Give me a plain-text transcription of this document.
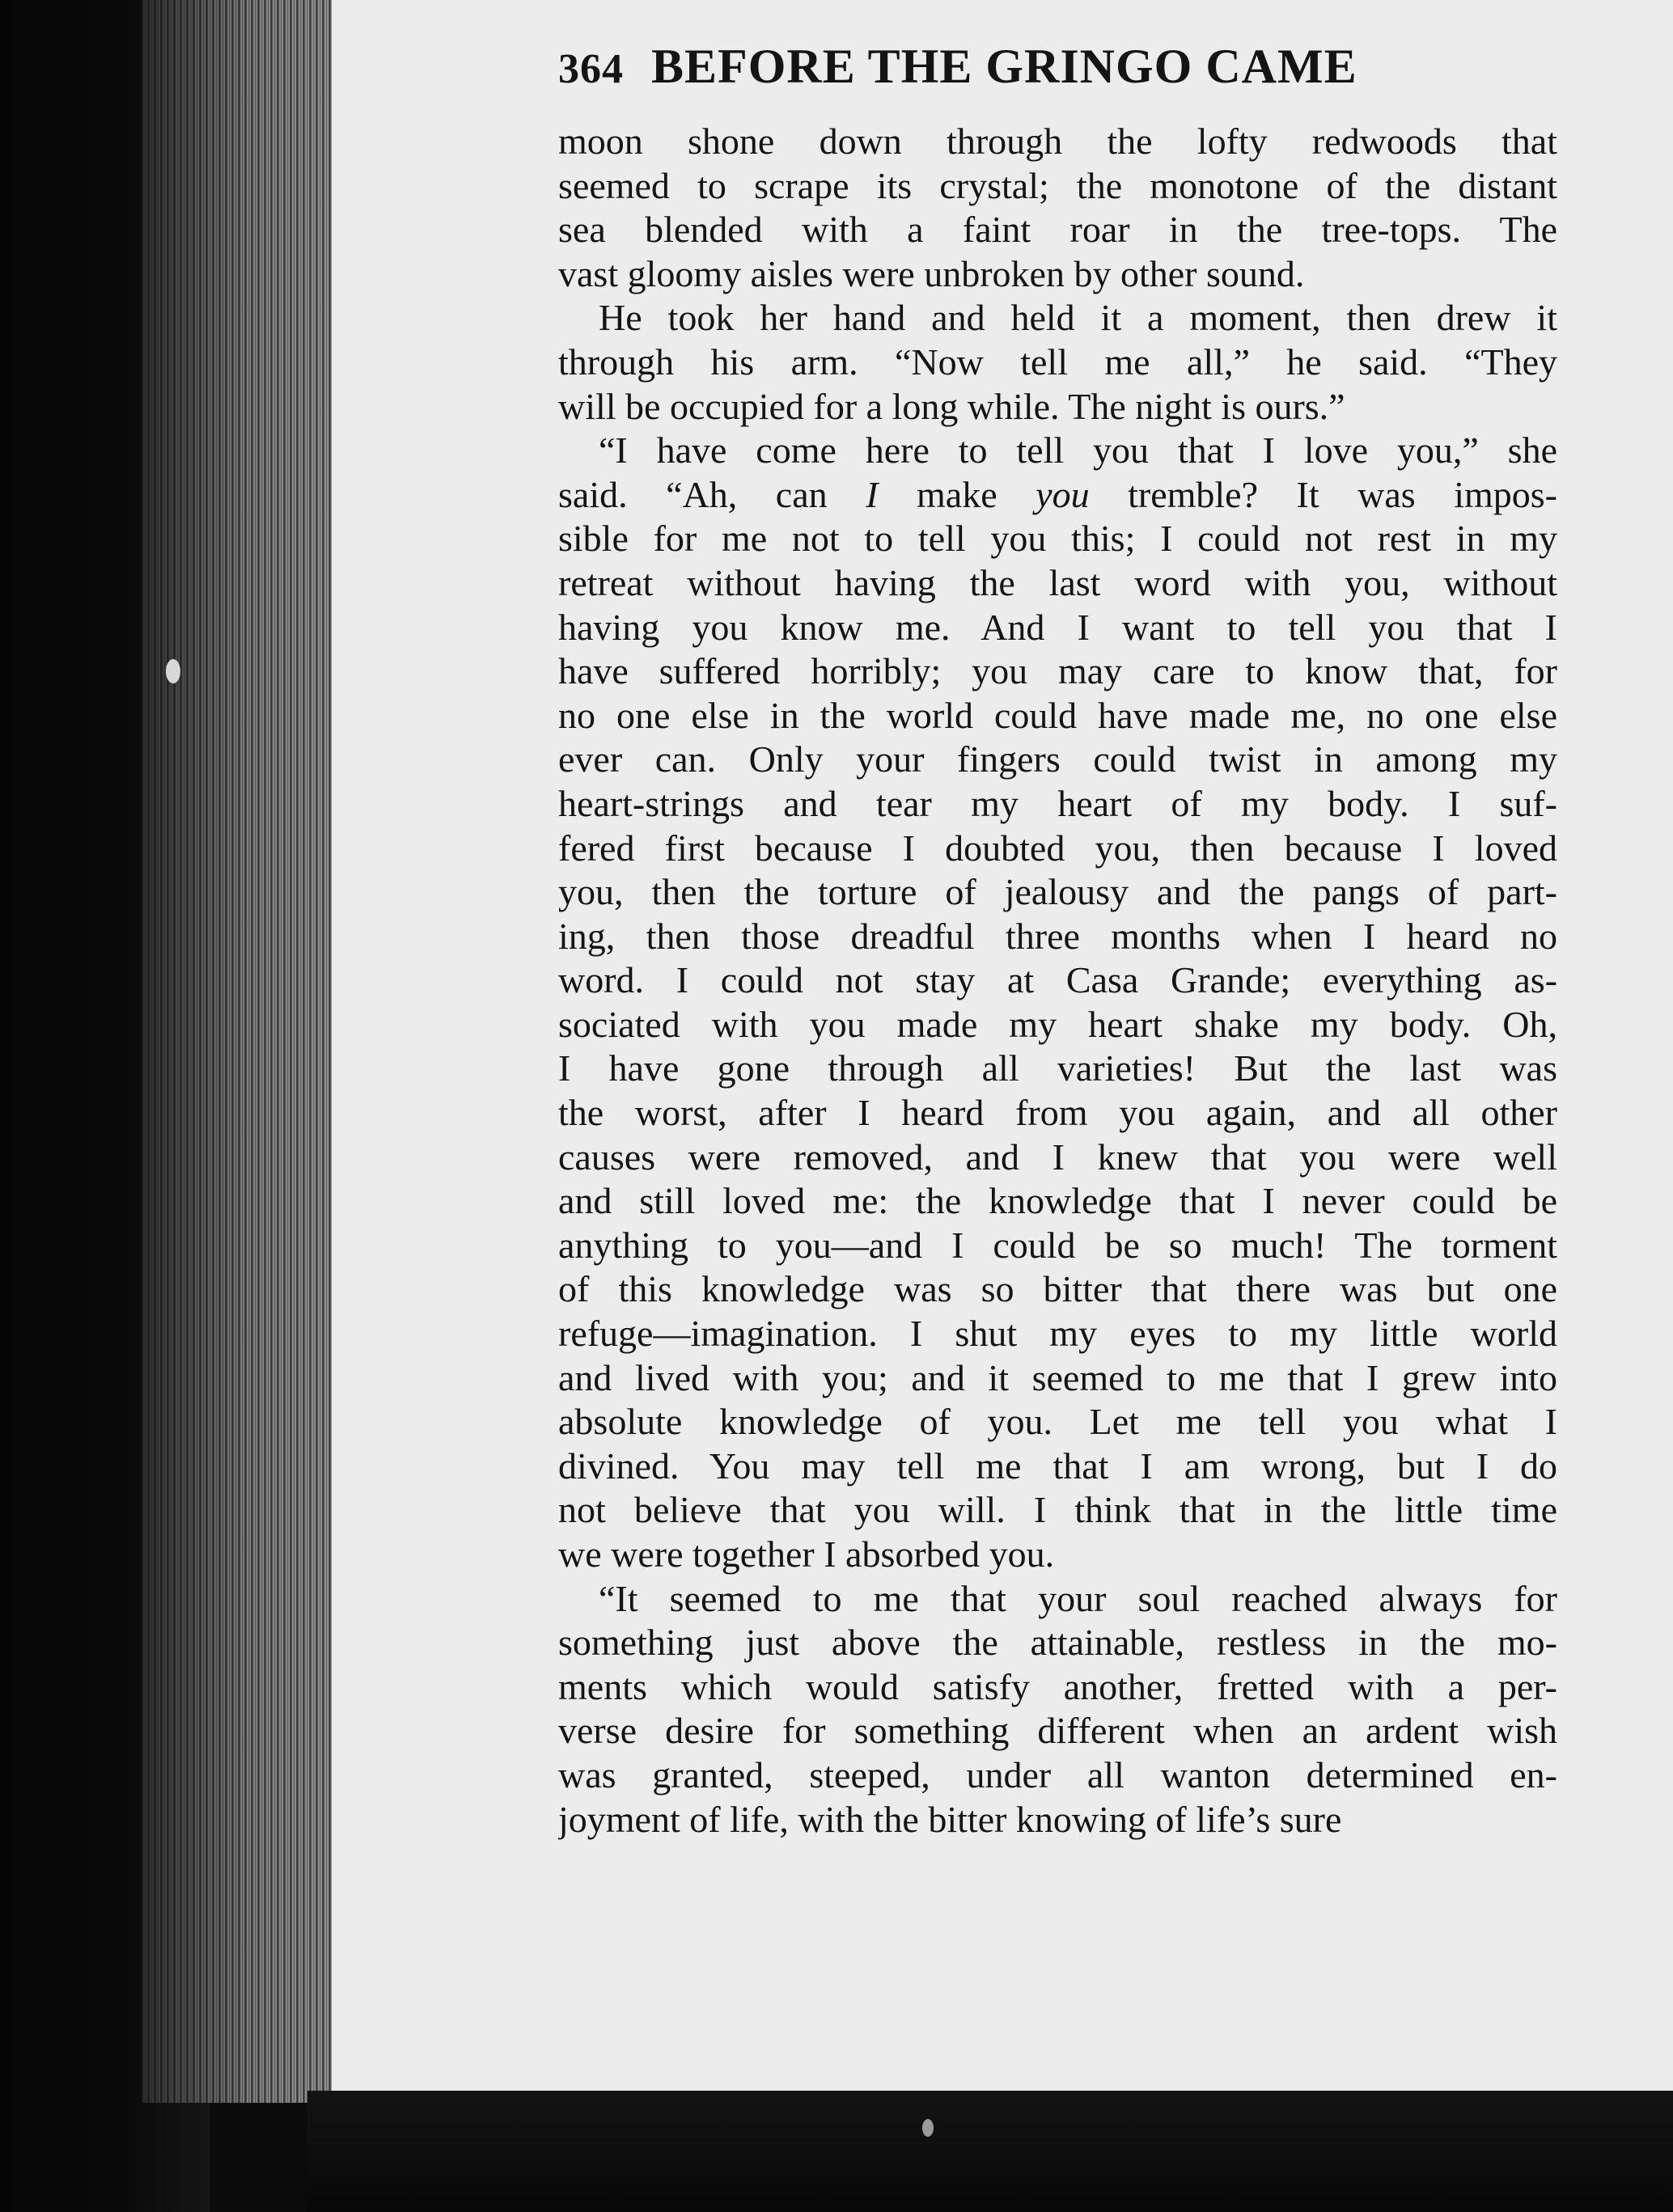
364 BEFORE THE GRINGO CAME
moon shone down through the lofty redwoods that
seemed to scrape its crystal; the monotone of the distant
sea blended with a faint roar in the tree-tops. The
vast gloomy aisles were unbroken by other sound.
He took her hand and held it a moment, then drew it
through his arm. “Now tell me all,” he said. “They
will be occupied for a long while. The night is ours.”
“I have come here to tell you that I love you,” she
said. “Ah, can I make you tremble? It was impos-
sible for me not to tell you this; I could not rest in my
retreat without having the last word with you, without
having you know me. And I want to tell you that I
have suffered horribly; you may care to know that, for
no one else in the world could have made me, no one else
ever can. Only your fingers could twist in among my
heart-strings and tear my heart of my body. I suf-
fered first because I doubted you, then because I loved
you, then the torture of jealousy and the pangs of part-
ing, then those dreadful three months when I heard no
word. I could not stay at Casa Grande; everything as-
sociated with you made my heart shake my body. Oh,
I have gone through all varieties! But the last was
the worst, after I heard from you again, and all other
causes were removed, and I knew that you were well
and still loved me: the knowledge that I never could be
anything to you—and I could be so much! The torment
of this knowledge was so bitter that there was but one
refuge—imagination. I shut my eyes to my little world
and lived with you; and it seemed to me that I grew into
absolute knowledge of you. Let me tell you what I
divined. You may tell me that I am wrong, but I do
not believe that you will. I think that in the little time
we were together I absorbed you.
“It seemed to me that your soul reached always for
something just above the attainable, restless in the mo-
ments which would satisfy another, fretted with a per-
verse desire for something different when an ardent wish
was granted, steeped, under all wanton determined en-
joyment of life, with the bitter knowing of life’s sure
